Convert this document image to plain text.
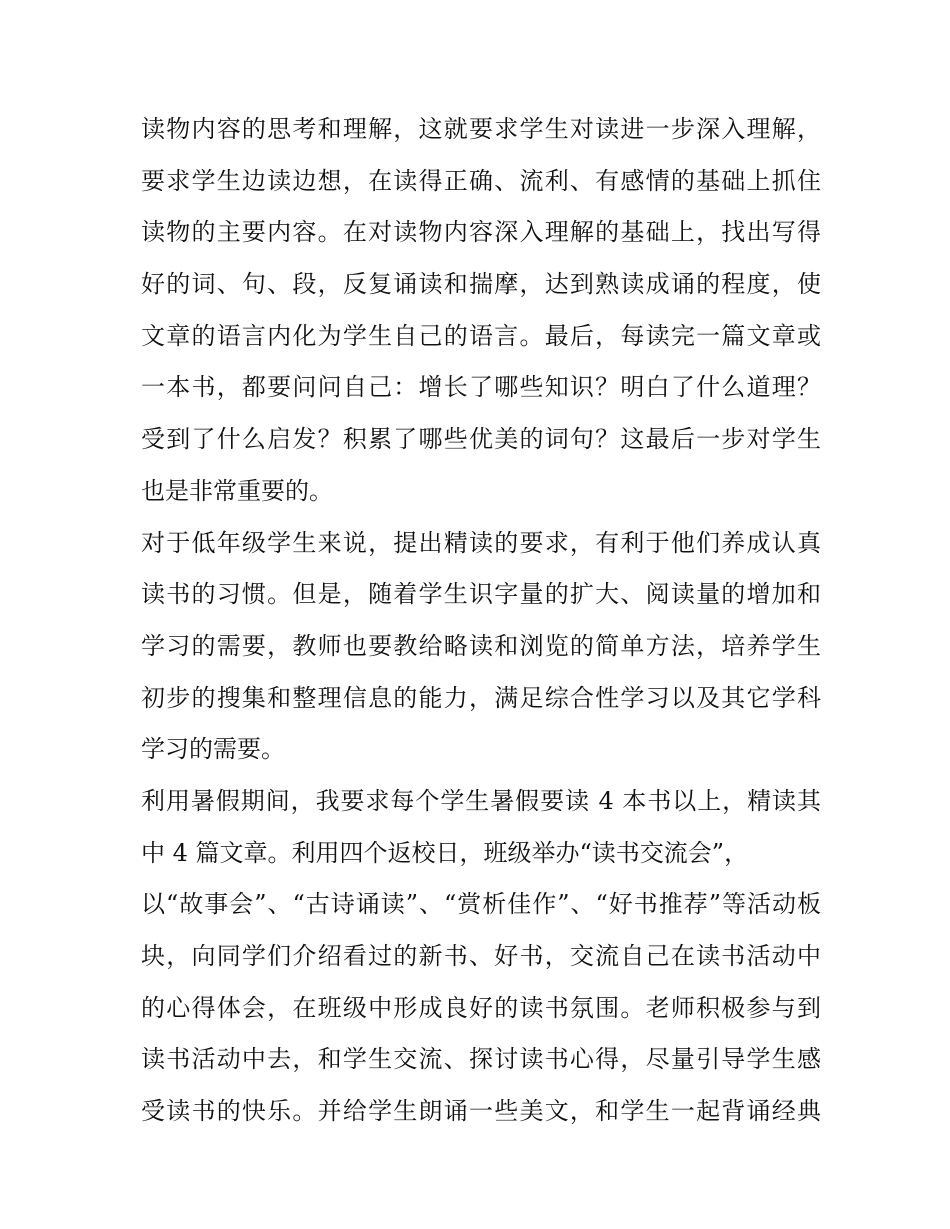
读物内容的思考和理解，这就要求学生对读进一步深入理解，
要求学生边读边想，在读得正确、流利、有感情的基础上抓住
读物的主要内容。在对读物内容深入理解的基础上，找出写得
好的词、句、段，反复诵读和揣摩，达到熟读成诵的程度，使
文章的语言内化为学生自己的语言。最后，每读完一篇文章或
一本书，都要问问自己：增长了哪些知识？明白了什么道理？
受到了什么启发？积累了哪些优美的词句？这最后一步对学生
也是非常重要的。
对于低年级学生来说，提出精读的要求，有利于他们养成认真
读书的习惯。但是，随着学生识字量的扩大、阅读量的增加和
学习的需要，教师也要教给略读和浏览的简单方法，培养学生
初步的搜集和整理信息的能力，满足综合性学习以及其它学科
学习的需要。
利用暑假期间，我要求每个学生暑假要读 4 本书以上，精读其
中 4 篇文章。利用四个返校日，班级举办“读书交流会”，
以“故事会”、“古诗诵读”、“赏析佳作”、“好书推荐”等活动板
块，向同学们介绍看过的新书、好书，交流自己在读书活动中
的心得体会，在班级中形成良好的读书氛围。老师积极参与到
读书活动中去，和学生交流、探讨读书心得，尽量引导学生感
受读书的快乐。并给学生朗诵一些美文，和学生一起背诵经典
